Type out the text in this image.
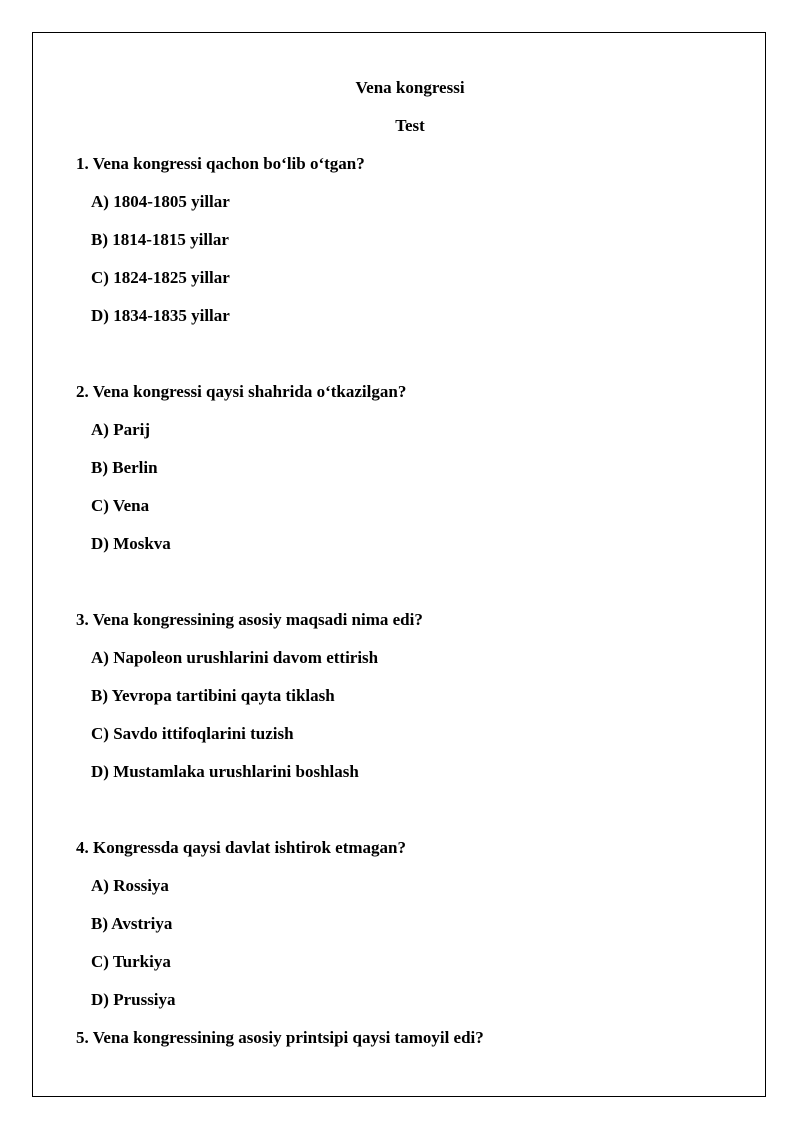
Vena kongressi
Test
1. Vena kongressi qachon bo‘lib o‘tgan?
A) 1804-1805 yillar
B) 1814-1815 yillar
C) 1824-1825 yillar
D) 1834-1835 yillar
2. Vena kongressi qaysi shahrida o‘tkazilgan?
A) Parij
B) Berlin
C) Vena
D) Moskva
3. Vena kongressining asosiy maqsadi nima edi?
A) Napoleon urushlarini davom ettirish
B) Yevropa tartibini qayta tiklash
C) Savdo ittifoqlarini tuzish
D) Mustamlaka urushlarini boshlash
4. Kongressda qaysi davlat ishtirok etmagan?
A) Rossiya
B) Avstriya
C) Turkiya
D) Prussiya
5. Vena kongressining asosiy printsipi qaysi tamoyil edi?
